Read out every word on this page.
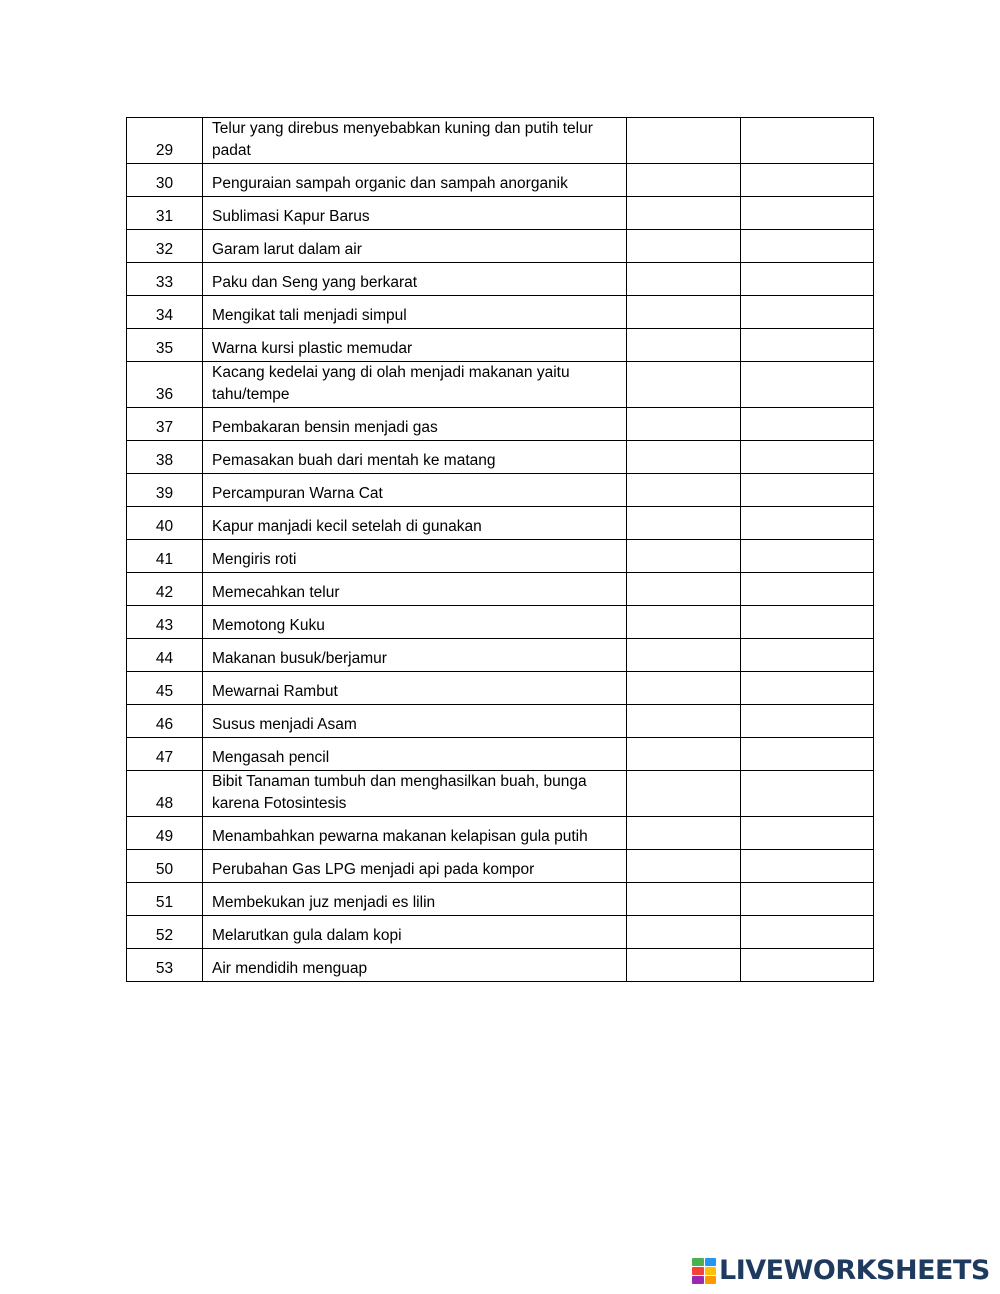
29	Telur yang direbus menyebabkan kuning dan putih telur padat		
30	Penguraian sampah organic dan sampah anorganik		
31	Sublimasi Kapur Barus		
32	Garam larut dalam air		
33	Paku dan Seng yang berkarat		
34	Mengikat tali menjadi simpul		
35	Warna kursi plastic memudar		
36	Kacang kedelai yang di olah menjadi makanan yaitu tahu/tempe		
37	Pembakaran bensin menjadi gas		
38	Pemasakan buah dari mentah ke matang		
39	Percampuran Warna Cat		
40	Kapur manjadi kecil setelah di gunakan		
41	Mengiris roti		
42	Memecahkan telur		
43	Memotong Kuku		
44	Makanan busuk/berjamur		
45	Mewarnai Rambut		
46	Susus menjadi Asam		
47	Mengasah pencil		
48	Bibit Tanaman tumbuh dan menghasilkan buah, bunga karena Fotosintesis		
49	Menambahkan pewarna makanan kelapisan gula putih		
50	Perubahan Gas LPG menjadi api pada kompor		
51	Membekukan juz menjadi es lilin		
52	Melarutkan gula dalam kopi		
53	Air mendidih menguap		
LIVEWORKSHEETS
